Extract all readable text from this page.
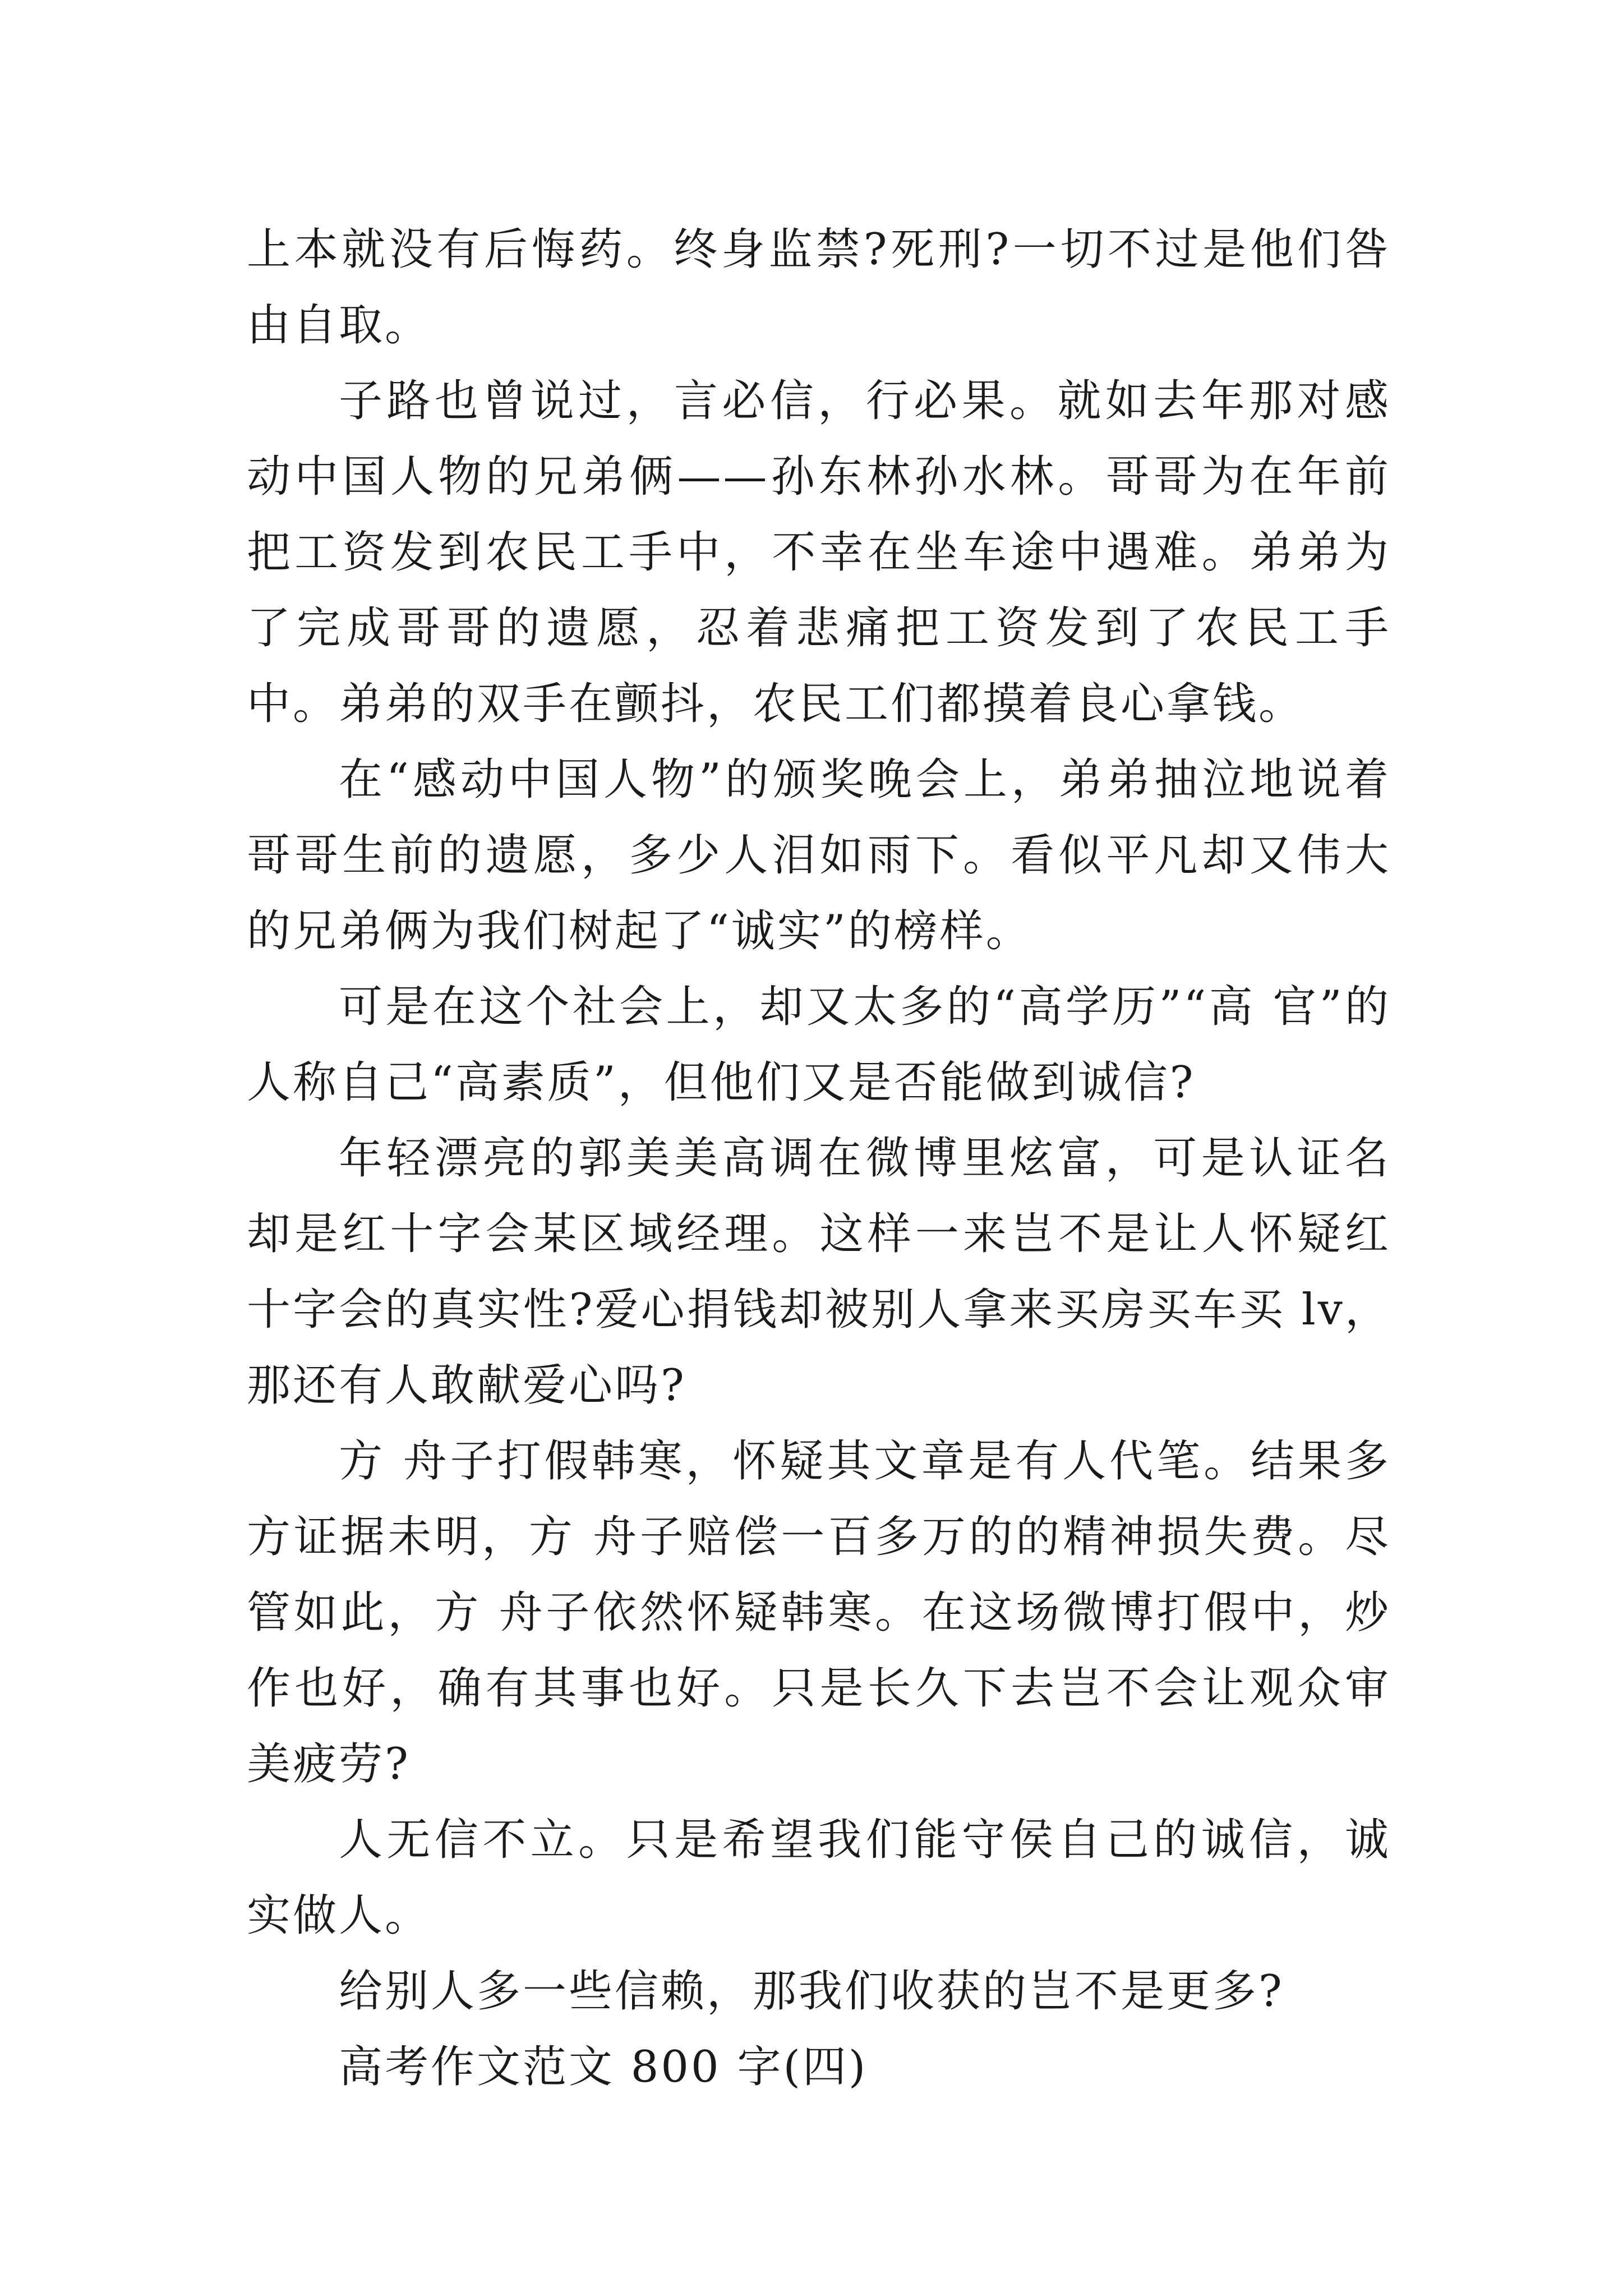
上本就没有后悔药。终身监禁?死刑?一切不过是他们咎由自取。

子路也曾说过，言必信，行必果。就如去年那对感动中国人物的兄弟俩——孙东林孙水林。哥哥为在年前把工资发到农民工手中，不幸在坐车途中遇难。弟弟为了完成哥哥的遗愿，忍着悲痛把工资发到了农民工手中。弟弟的双手在颤抖，农民工们都摸着良心拿钱。

在“感动中国人物”的颁奖晚会上，弟弟抽泣地说着哥哥生前的遗愿，多少人泪如雨下。看似平凡却又伟大的兄弟俩为我们树起了“诚实”的榜样。

可是在这个社会上，却又太多的“高学历”“高 官”的人称自己“高素质”，但他们又是否能做到诚信?

年轻漂亮的郭美美高调在微博里炫富，可是认证名却是红十字会某区域经理。这样一来岂不是让人怀疑红十字会的真实性?爱心捐钱却被别人拿来买房买车买 lv，那还有人敢献爱心吗?

方 舟子打假韩寒，怀疑其文章是有人代笔。结果多方证据未明，方 舟子赔偿一百多万的的精神损失费。尽管如此，方 舟子依然怀疑韩寒。在这场微博打假中，炒作也好，确有其事也好。只是长久下去岂不会让观众审美疲劳?

人无信不立。只是希望我们能守侯自己的诚信，诚实做人。

给别人多一些信赖，那我们收获的岂不是更多?

高考作文范文 800 字(四)
